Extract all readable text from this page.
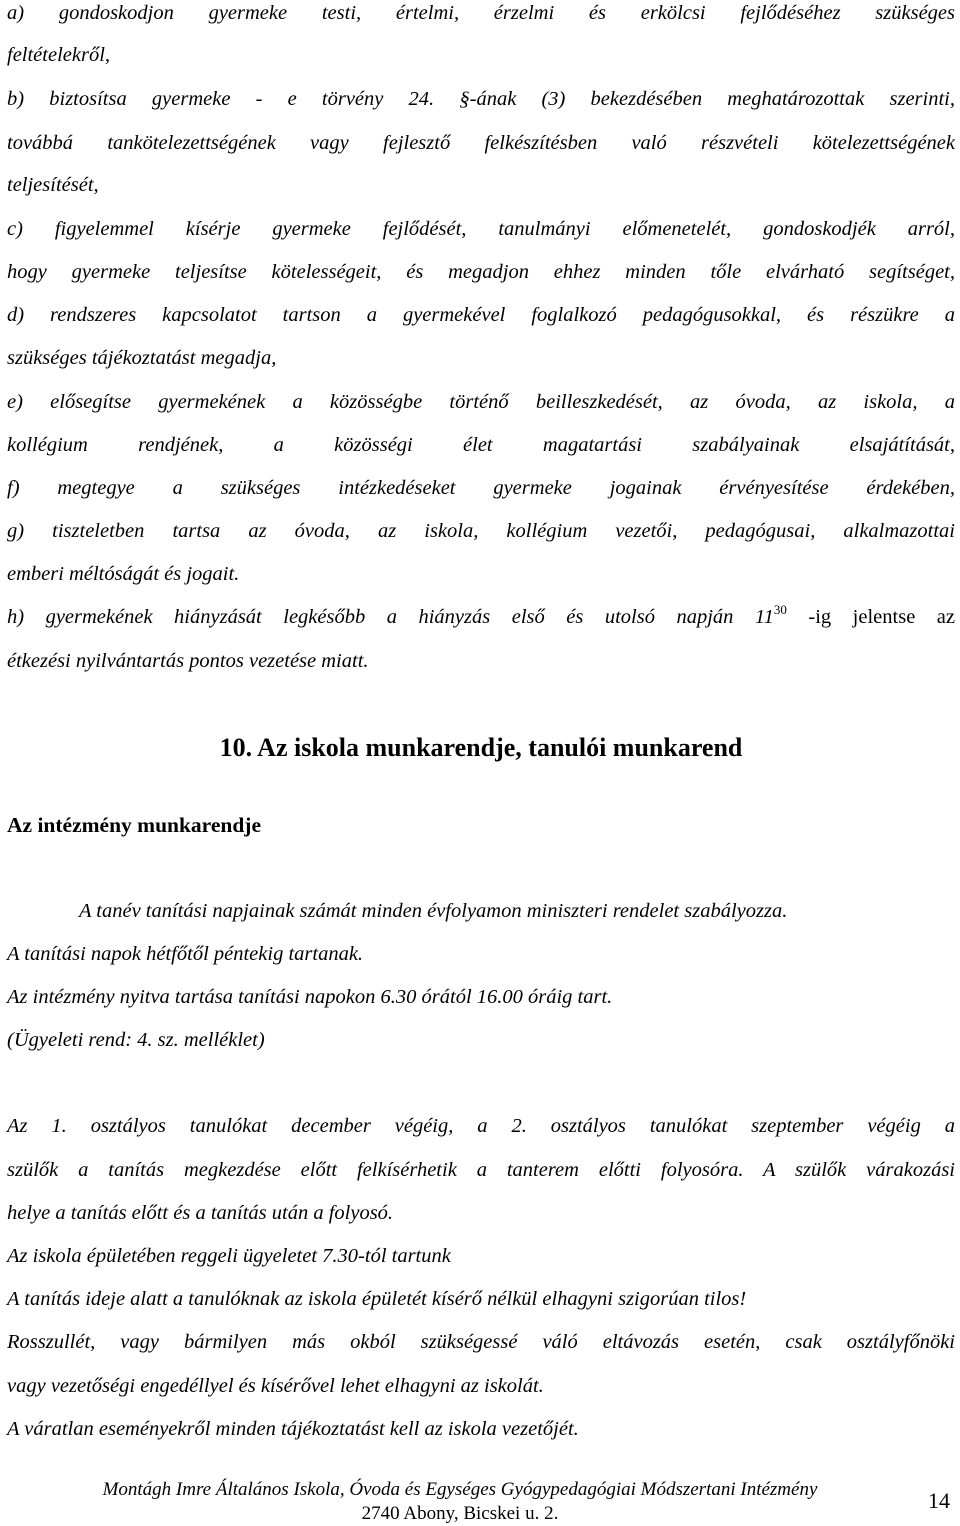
a) gondoskodjon gyermeke testi, értelmi, érzelmi és erkölcsi fejlődéséhez szükséges
feltételekről,
b) biztosítsa gyermeke - e törvény 24. §-ának (3) bekezdésében meghatározottak szerinti,
továbbá tankötelezettségének vagy fejlesztő felkészítésben való részvételi kötelezettségének
teljesítését,
c) figyelemmel kísérje gyermeke fejlődését, tanulmányi előmenetelét, gondoskodjék arról,
hogy gyermeke teljesítse kötelességeit, és megadjon ehhez minden tőle elvárható segítséget,
d) rendszeres kapcsolatot tartson a gyermekével foglalkozó pedagógusokkal, és részükre a
szükséges tájékoztatást megadja,
e) elősegítse gyermekének a közösségbe történő beilleszkedését, az óvoda, az iskola, a
kollégium rendjének, a közösségi élet magatartási szabályainak elsajátítását,
f) megtegye a szükséges intézkedéseket gyermeke jogainak érvényesítése érdekében,
g) tiszteletben tartsa az óvoda, az iskola, kollégium vezetői, pedagógusai, alkalmazottai
emberi méltóságát és jogait.
h) gyermekének hiányzását legkésőbb a hiányzás első és utolsó napján $11^{30}$ -ig jelentse az
étkezési nyilvántartás pontos vezetése miatt.
10. Az iskola munkarendje, tanulói munkarend
Az intézmény munkarendje
A tanév tanítási napjainak számát minden évfolyamon miniszteri rendelet szabályozza.
A tanítási napok hétfőtől péntekig tartanak.
Az intézmény nyitva tartása tanítási napokon 6.30 órától 16.00 óráig tart.
(Ügyeleti rend: 4. sz. melléklet)
Az 1. osztályos tanulókat december végéig, a 2. osztályos tanulókat szeptember végéig a
szülők a tanítás megkezdése előtt felkísérhetik a tanterem előtti folyosóra. A szülők várakozási
helye a tanítás előtt és a tanítás után a folyosó.
Az iskola épületében reggeli ügyeletet 7.30-tól tartunk
A tanítás ideje alatt a tanulóknak az iskola épületét kísérő nélkül elhagyni szigorúan tilos!
Rosszullét, vagy bármilyen más okból szükségessé váló eltávozás esetén, csak osztályfőnöki
vagy vezetőségi engedéllyel és kísérővel lehet elhagyni az iskolát.
A váratlan eseményekről minden tájékoztatást kell az iskola vezetőjét.
Montágh Imre Általános Iskola, Óvoda és Egységes Gyógypedagógiai Módszertani Intézmény
2740 Abony, Bicskei u. 2.
14
